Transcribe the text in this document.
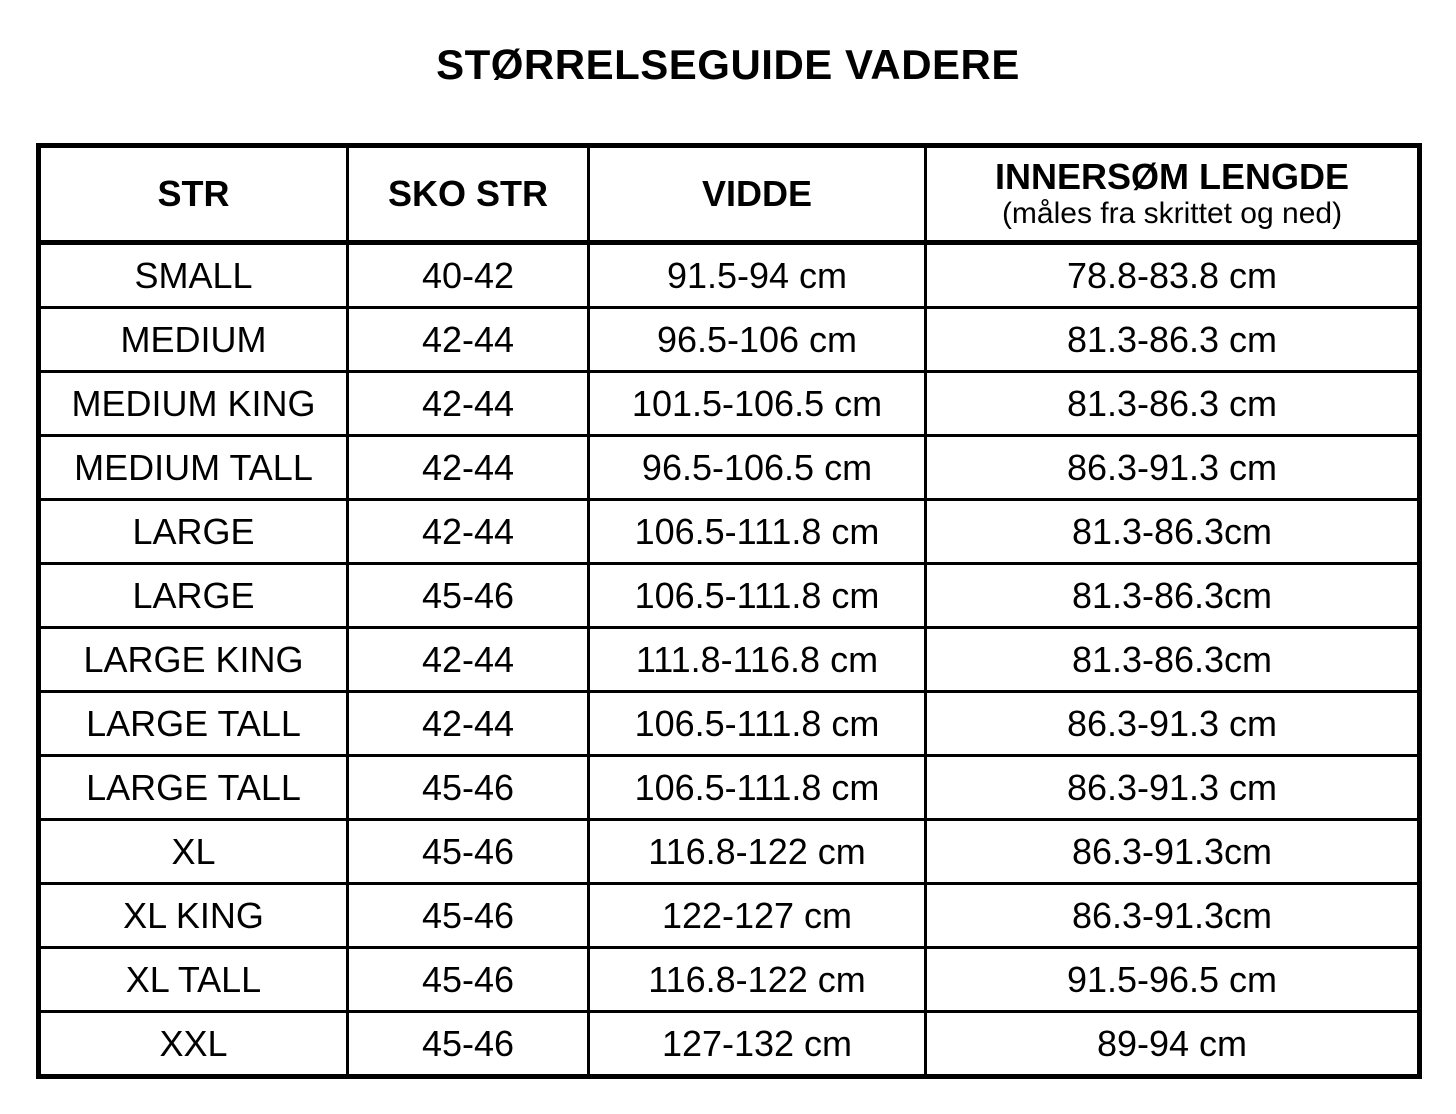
STØRRELSEGUIDE VADERE
STR	SKO STR	VIDDE	INNERSØM LENGDE
(måles fra skrittet og ned)

SMALL	40-42	91.5-94 cm	78.8-83.8 cm
MEDIUM	42-44	96.5-106 cm	81.3-86.3 cm
MEDIUM KING	42-44	101.5-106.5 cm	81.3-86.3 cm
MEDIUM TALL	42-44	96.5-106.5 cm	86.3-91.3 cm
LARGE	42-44	106.5-111.8 cm	81.3-86.3cm
LARGE	45-46	106.5-111.8 cm	81.3-86.3cm
LARGE KING	42-44	111.8-116.8 cm	81.3-86.3cm
LARGE TALL	42-44	106.5-111.8 cm	86.3-91.3 cm
LARGE TALL	45-46	106.5-111.8 cm	86.3-91.3 cm
XL	45-46	116.8-122 cm	86.3-91.3cm
XL KING	45-46	122-127 cm	86.3-91.3cm
XL TALL	45-46	116.8-122 cm	91.5-96.5 cm
XXL	45-46	127-132 cm	89-94 cm
